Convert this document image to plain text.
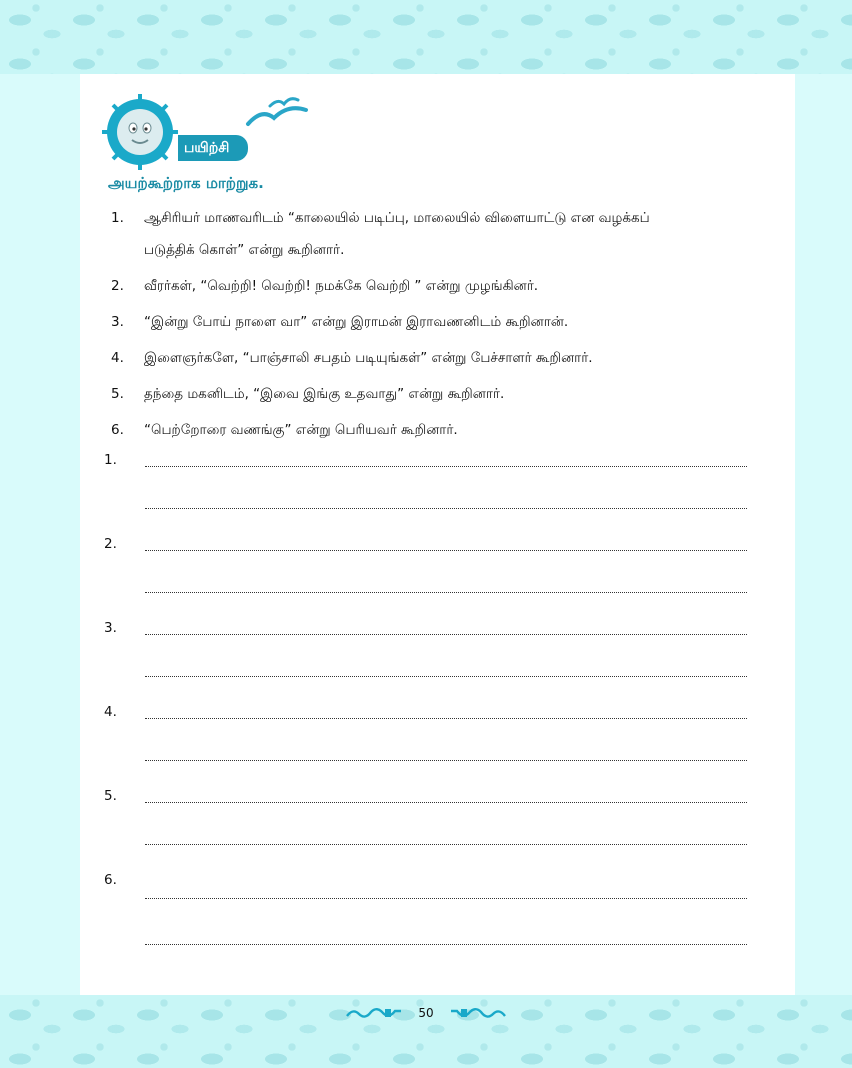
பயிற்சி
அயற்கூற்றாக மாற்றுக.
1. ஆசிரியர் மாணவரிடம் “காலையில் படிப்பு, மாலையில் விளையாட்டு என வழக்கப்
படுத்திக் கொள்” என்று கூறினார்.
2. வீரர்கள், “வெற்றி! வெற்றி! நமக்கே வெற்றி ” என்று முழங்கினர்.
3. “இன்று போய் நாளை வா” என்று இராமன் இராவணனிடம் கூறினான்.
4. இளைஞர்களே, “பாஞ்சாலி சபதம் படியுங்கள்” என்று பேச்சாளர் கூறினார்.
5. தந்தை மகனிடம், “இவை இங்கு உதவாது” என்று கூறினார்.
6. “பெற்றோரை வணங்கு” என்று பெரியவர் கூறினார்.
1.
2.
3.
4.
5.
6.
50
